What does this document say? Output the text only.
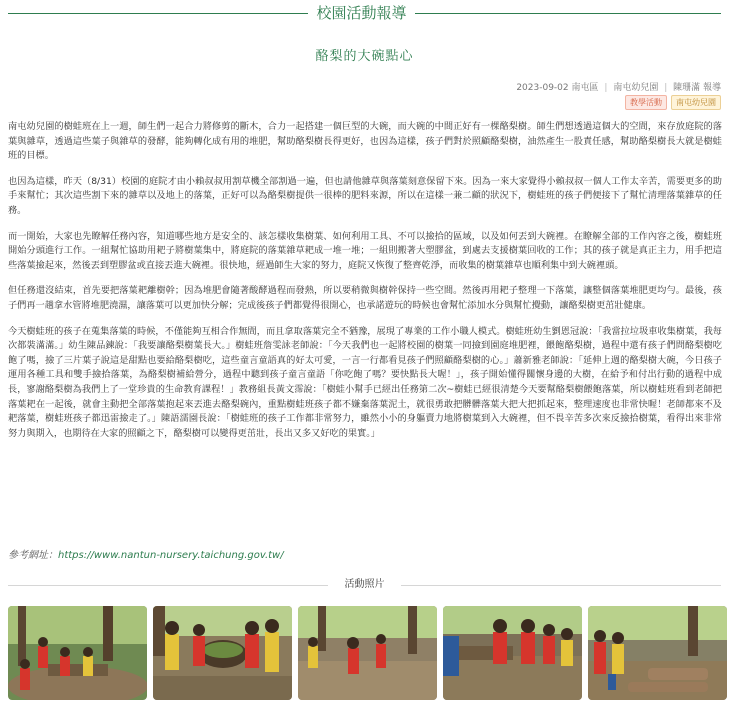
校園活動報導
酪梨的大碗點心
2023-09-02 南屯區 | 南屯幼兒園 | 陳珊滿 報導
教學活動	南屯幼兒園

南屯幼兒園的樹蛙班在上一週，師生們一起合力將修剪的斷木，合力一起搭建一個巨型的大碗，而大碗的中間正好有一棵酪梨樹。師生們想透過這個大的空間，來存放庭院的落葉與雜草，透過這些葉子與雜草的發酵，能夠轉化成有用的堆肥，幫助酪梨樹長得更好，也因為這樣，孩子們對於照顧酪梨樹，油然產生一股責任感，幫助酪梨樹長大就是樹蛙班的目標。

也因為這樣，昨天（8/31）校園的庭院才由小賴叔叔用割草機全部割過一遍，但也請他雜草與落葉刻意保留下來。因為一來大家覺得小賴叔叔一個人工作太辛苦，需要更多的助手來幫忙；其次這些割下來的雜草以及地上的落葉，正好可以為酪梨樹提供一很棒的肥料來源，所以在這樣一兼二顧的狀況下，樹蛙班的孩子們便接下了幫忙清理落葉雜草的任務。

而一開始，大家也先瞭解任務內容，知道哪些地方是安全的、該怎樣收集樹葉、如何利用工具、不可以撿拾的區域，以及如何丟到大碗裡。在瞭解全部的工作內容之後，樹蛙班開始分頭進行工作。一組幫忙協助用耙子將樹葉集中，將庭院的落葉雜草耙成一堆一堆；一組則搬著大塑膠盆，到處去支援樹葉回收的工作；其的孩子就是真正主力，用手把這些落葉撿起來，然後丟到塑膠盆或直接丟進大碗裡。很快地，經過師生大家的努力，庭院又恢復了整齊乾淨，而收集的樹葉雜草也順利集中到大碗裡頭。

但任務還沒結束，首先要把落葉耙離樹幹；因為堆肥會隨著酸酵過程而發熱，所以要稍微與樹幹保持一些空間。然後再用耙子整理一下落葉，讓整個落葉堆肥更均勻。最後，孩子們再一趟拿水管將堆肥澆濕，讓落葉可以更加快分解；完成後孩子們都覺得很開心，也承諾遊玩的時候也會幫忙添加水分與幫忙攪動，讓酪梨樹更茁壯健康。

今天樹蛙班的孩子在蒐集落葉的時候，不僅能夠互相合作無間，而且拿取落葉完全不猶豫，展現了專業的工作小職人模式。樹蛙班幼生劉恩冠說：「我當拉垃圾車收集樹葉，我每次都裝滿滿。」幼生陳品鍊說：「我要讓酪梨樹葉長大。」樹蛙班詹雯詠老師說：「今天我們也一起將校園的樹葉一同撿到園庭堆肥裡，餵飽酪梨樹，過程中還有孩子們問酪梨樹吃飽了嗎，撿了三片葉子說這是甜點也要給酪梨樹吃，這些童言童語真的好太可愛，一言一行都看見孩子們照顧酪梨樹的心。」蕭新雅老師說：「延伸上週的酪梨樹大碗，今日孩子運用各種工具和雙手撿拾落葉，為酪梨樹補給營分，過程中聽到孩子童言童語「你吃飽了嗎？要快點長大喔！」，孩子開始懂得關懷身邊的大樹，在給予和付出行動的過程中成長，寥謝酪梨樹為我們上了一堂珍貴的生命教育課程！」教務組長黃文霈說：「樹蛙小幫手已經出任務第二次~樹蛙已經很清楚今天要幫酪梨樹餵飽落葉，所以樹蛙班看到老師把落葉耙在一起後，就會主動把全部落葉抱起來丟進去酪梨碗內，重點樹蛙班孩子都不嫌棄落葉泥土，就很勇敢把髒髒落葉大把大把抓起來，整理速度也非常快喔！老師都來不及耙落葉，樹蛙班孩子都迅雷撿走了。」陳語濡園長說：「樹蛙班的孩子工作都非常努力，雖然小小的身軀賣力地將樹葉到入大碗裡，但不畏辛苦多次來反撿拾樹葉，看得出來非常努力與期入，也期待在大家的照顧之下，酪梨樹可以變得更茁壯，長出又多又好吃的果實。」

參考網址：https://www.nantun-nursery.taichung.gov.tw/
活動照片
